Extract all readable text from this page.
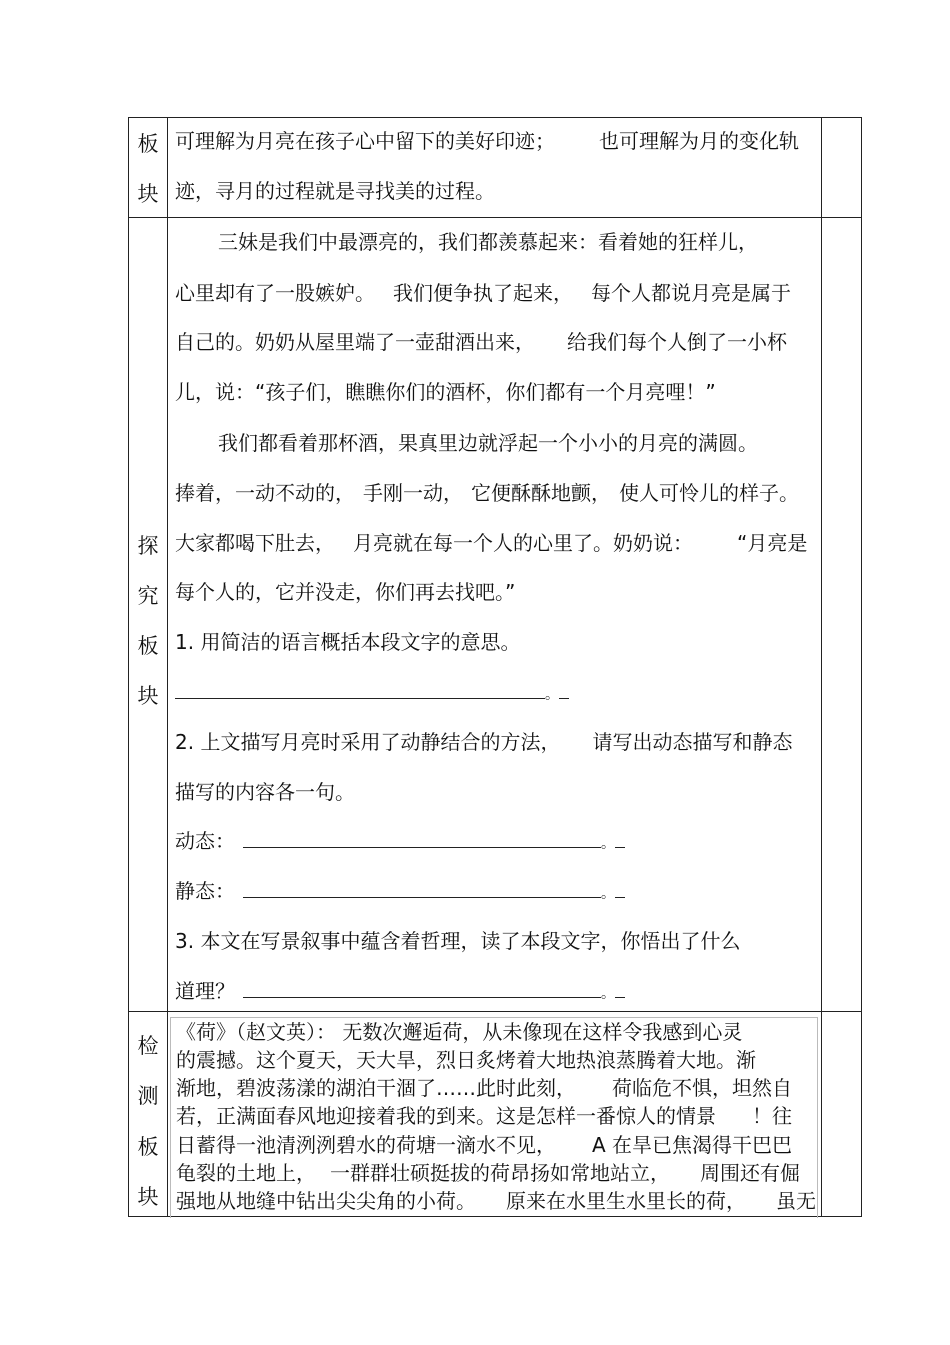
板
块
可理解为月亮在孩子心中留下的美好印迹； 也可理解为月的变化轨
迹，寻月的过程就是寻找美的过程。
探
究
板
块
三妹是我们中最漂亮的，我们都羡慕起来：看着她的狂样儿，
心里却有了一股嫉妒。 我们便争执了起来， 每个人都说月亮是属于
自己的。奶奶从屋里端了一壶甜酒出来， 给我们每个人倒了一小杯
儿，说：“孩子们，瞧瞧你们的酒杯，你们都有一个月亮哩！”
我们都看着那杯酒，果真里边就浮起一个小小的月亮的满圆。
捧着，一动不动的， 手刚一动， 它便酥酥地颤， 使人可怜儿的样子。
大家都喝下肚去， 月亮就在每一个人的心里了。奶奶说： “月亮是
每个人的，它并没走，你们再去找吧。”
1. 用简洁的语言概括本段文字的意思。
。
2. 上文描写月亮时采用了动静结合的方法， 请写出动态描写和静态
描写的内容各一句。
动态：	。
静态：	。
3. 本文在写景叙事中蕴含着哲理，读了本段文字，你悟出了什么
道理？	。
检
测
板
块
《荷》（赵文英）： 无数次邂逅荷，从未像现在这样令我感到心灵
的震撼。这个夏天，天大旱，烈日炙烤着大地热浪蒸腾着大地。渐
渐地，碧波荡漾的湖泊干涸了……此时此刻， 荷临危不惧，坦然自
若，正满面春风地迎接着我的到来。这是怎样一番惊人的情景 ！往
日蓄得一池清洌洌碧水的荷塘一滴水不见， A 在旱已焦渴得干巴巴
龟裂的土地上， 一群群壮硕挺拔的荷昂扬如常地站立， 周围还有倔
强地从地缝中钻出尖尖角的小荷。 原来在水里生水里长的荷， 虽无
